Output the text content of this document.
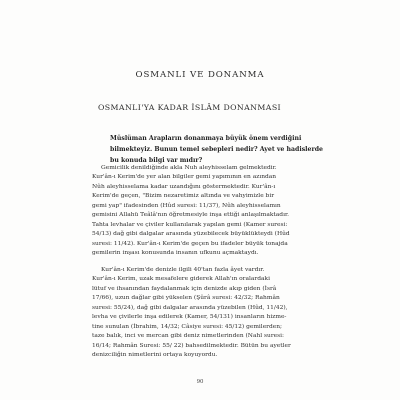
OSMANLI VE DONANMA
OSMANLI'YA KADAR İSLÂM DONANMASI
Müslüman Arapların donanmaya büyük önem verdiğini
bilmekteyiz. Bunun temel sebepleri nedir? Ayet ve hadislerde
bu konuda bilgi var mıdır?
Gemicilik denildiğinde akla Nuh aleyhisselam gelmektedir.
Kur'ân-ı Kerim'de yer alan bilgiler gemi yapımının en azından
Nûh aleyhisselama kadar uzandığını göstermektedir. Kur'ân-ı
Kerim'de geçen, "Bizim nezaretimiz altında ve vahyimizle bir
gemi yap" ifadesinden (Hûd suresi: 11/37), Nûh aleyhisselamın
gemisini Allahü Teâlâ'nın öğretmesiyle inşa ettiği anlaşılmaktadır.
Tahta levhalar ve çiviler kullanılarak yapılan gemi (Kamer suresi:
54/13) dağ gibi dalgalar arasında yüzebilecek büyüklükteydi (Hûd
suresi: 11/42). Kur'ân-ı Kerim'de geçen bu ifadeler büyük tonajda
gemilerin inşası konusunda insanın ufkunu açmaktaydı.
Kur'ân-ı Kerim'de denizle ilgili 40'tan fazla âyet vardır.
Kur'ân-ı Kerim, uzak mesafelere giderek Allah'ın oralardaki
lütuf ve ihsanından faydalanmak için denizde akıp giden (İsrâ
17/66), uzun dağlar gibi yükselen (Şûrâ suresi: 42/32; Rahmân
suresi: 55/24), dağ gibi dalgalar arasında yüzebilen (Hûd, 11/42),
levha ve çivilerle inşa edilerek (Kamer, 54/131) insanların hizme-
tine sunulan (İbrahim, 14/32; Câsiye suresi: 45/12) gemilerden;
taze balık, inci ve mercan gibi deniz nimetlerinden (Nahl suresi:
16/14; Rahmân Suresi: 55/ 22) bahsedilmektedir. Bütün bu ayetler
denizciliğin nimetlerini ortaya koyuyordu.
90
